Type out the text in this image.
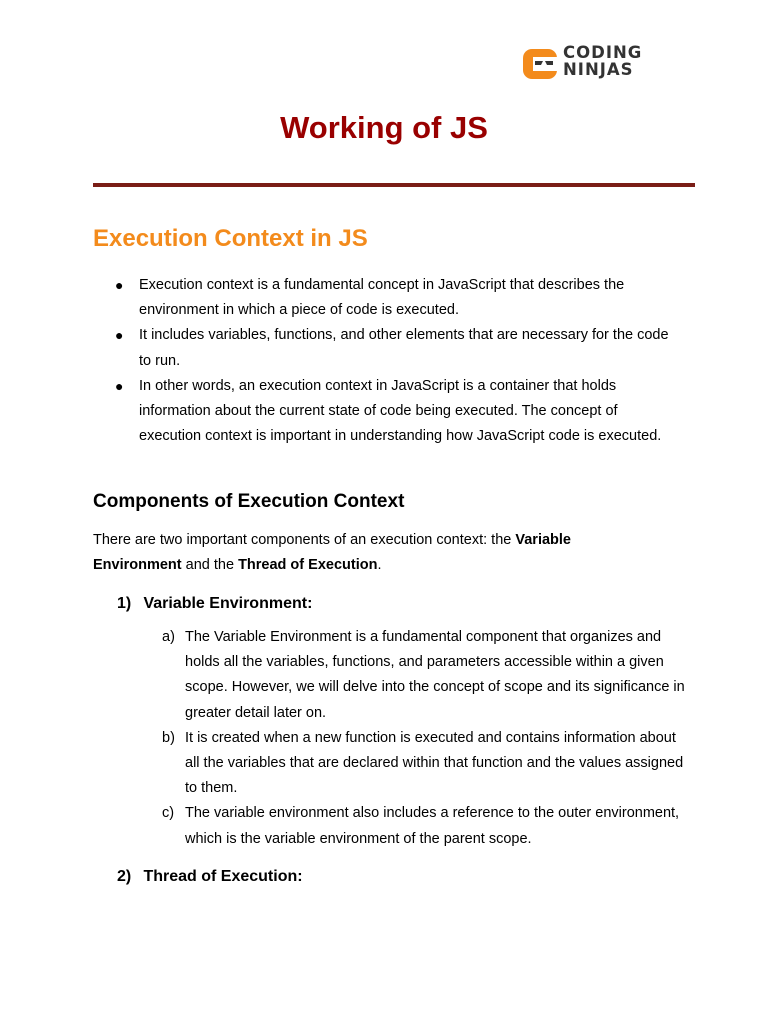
CODING
NINJAS
Working of JS
Execution Context in JS
● Execution context is a fundamental concept in JavaScript that describes the environment in which a piece of code is executed.
● It includes variables, functions, and other elements that are necessary for the code to run.
● In other words, an execution context in JavaScript is a container that holds information about the current state of code being executed. The concept of execution context is important in understanding how JavaScript code is executed.
Components of Execution Context
There are two important components of an execution context: the Variable Environment and the Thread of Execution.
1) Variable Environment:
a) The Variable Environment is a fundamental component that organizes and holds all the variables, functions, and parameters accessible within a given scope. However, we will delve into the concept of scope and its significance in greater detail later on.
b) It is created when a new function is executed and contains information about all the variables that are declared within that function and the values assigned to them.
c) The variable environment also includes a reference to the outer environment, which is the variable environment of the parent scope.
2) Thread of Execution:
